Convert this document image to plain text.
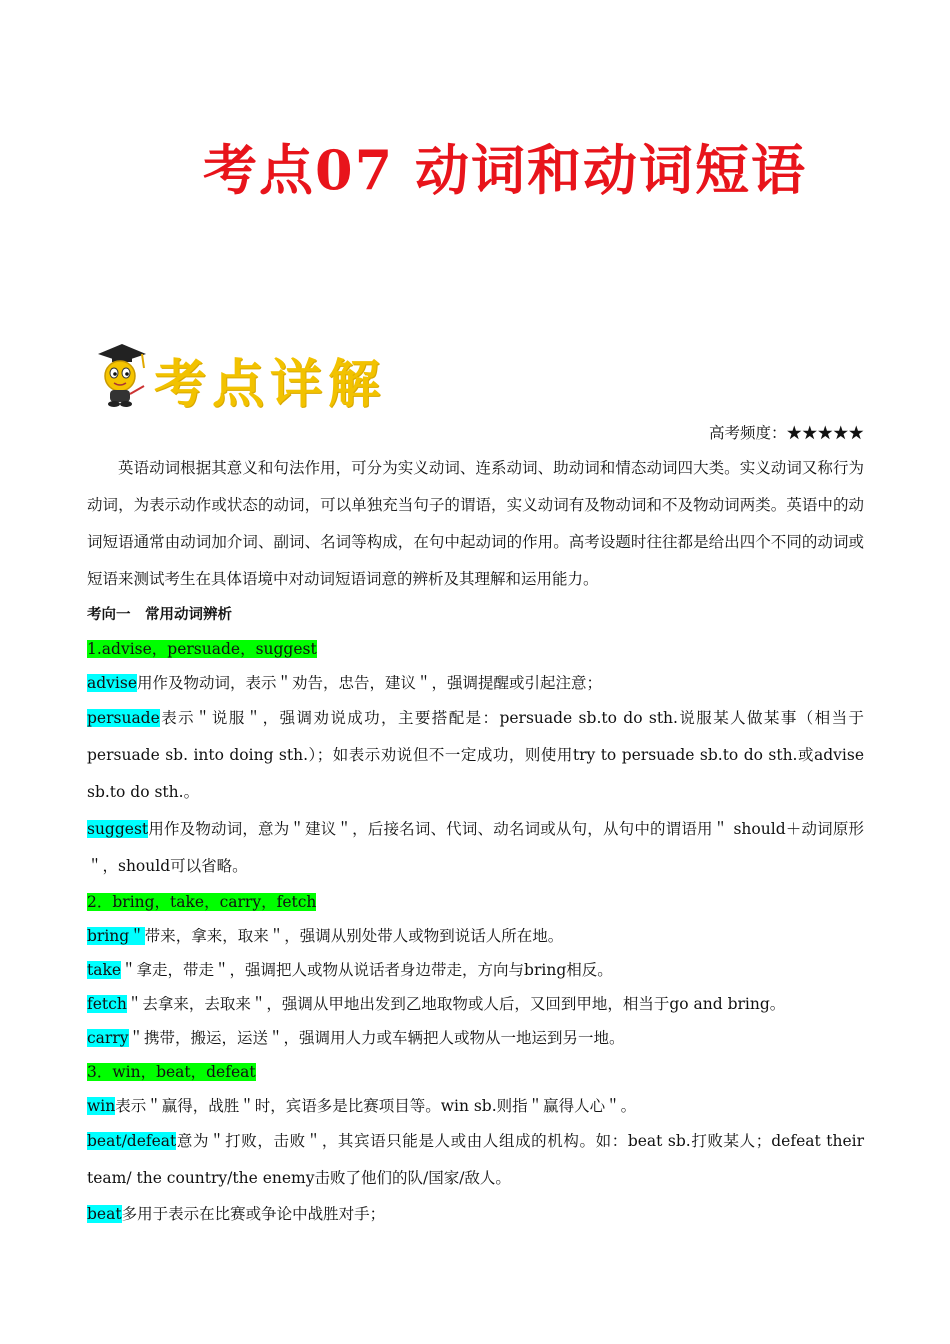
考点07 动词和动词短语
考点详解
高考频度：★★★★★
英语动词根据其意义和句法作用，可分为实义动词、连系动词、助动词和情态动词四大类。实义动词又称行为动词，为表示动作或状态的动词，可以单独充当句子的谓语，实义动词有及物动词和不及物动词两类。英语中的动词短语通常由动词加介词、副词、名词等构成，在句中起动词的作用。高考设题时往往都是给出四个不同的动词或短语来测试考生在具体语境中对动词短语词意的辨析及其理解和运用能力。
考向一　常用动词辨析
1.advise，persuade，suggest
advise用作及物动词，表示＂劝告，忠告，建议＂，强调提醒或引起注意；
persuade表示＂说服＂，强调劝说成功，主要搭配是：persuade sb.to do sth.说服某人做某事（相当于persuade sb. into doing sth.）；如表示劝说但不一定成功，则使用try to persuade sb.to do sth.或advise sb.to do sth.。
suggest用作及物动词，意为＂建议＂，后接名词、代词、动名词或从句，从句中的谓语用＂ should＋动词原形＂，should可以省略。
2．bring，take，carry，fetch
bring＂带来，拿来，取来＂，强调从别处带人或物到说话人所在地。
take＂拿走，带走＂，强调把人或物从说话者身边带走，方向与bring相反。
fetch＂去拿来，去取来＂，强调从甲地出发到乙地取物或人后，又回到甲地，相当于go and bring。
carry＂携带，搬运，运送＂，强调用人力或车辆把人或物从一地运到另一地。
3．win，beat，defeat
win表示＂赢得，战胜＂时，宾语多是比赛项目等。win sb.则指＂赢得人心＂。
beat/defeat意为＂打败，击败＂，其宾语只能是人或由人组成的机构。如：beat sb.打败某人；defeat their team/ the country/the enemy击败了他们的队/国家/敌人。
beat多用于表示在比赛或争论中战胜对手；
